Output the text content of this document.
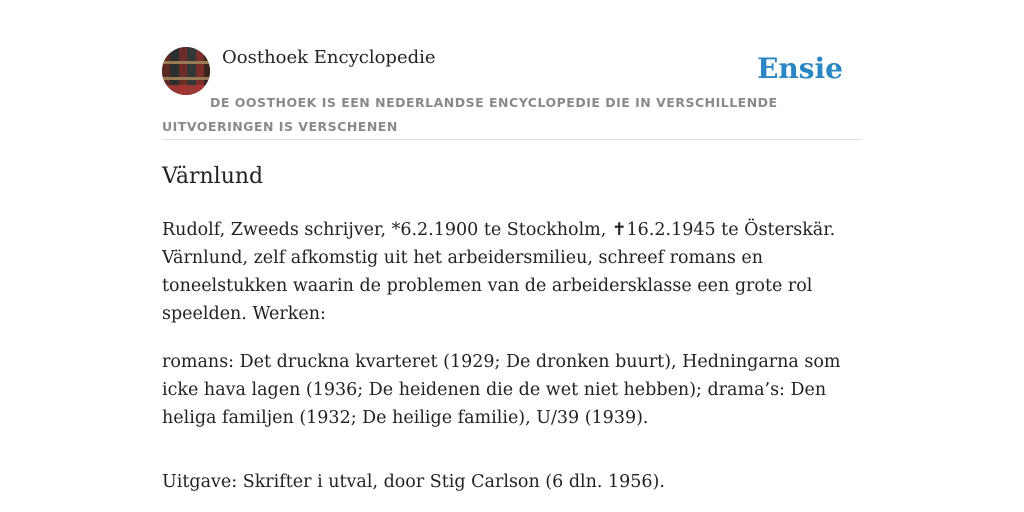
Oosthoek Encyclopedie	Ensie
DE OOSTHOEK IS EEN NEDERLANDSE ENCYCLOPEDIE DIE IN VERSCHILLENDE UITVOERINGEN IS VERSCHENEN
Värnlund

Rudolf, Zweeds schrijver, *6.2.1900 te Stockholm, ✝16.2.1945 te Österskär. Värnlund, zelf afkomstig uit het arbeidersmilieu, schreef romans en toneelstukken waarin de problemen van de arbeidersklasse een grote rol speelden. Werken:

romans: Det druckna kvarteret (1929; De dronken buurt), Hedningarna som icke hava lagen (1936; De heidenen die de wet niet hebben); drama’s: Den heliga familjen (1932; De heilige familie), U/39 (1939).

Uitgave: Skrifter i utval, door Stig Carlson (6 dln. 1956).
